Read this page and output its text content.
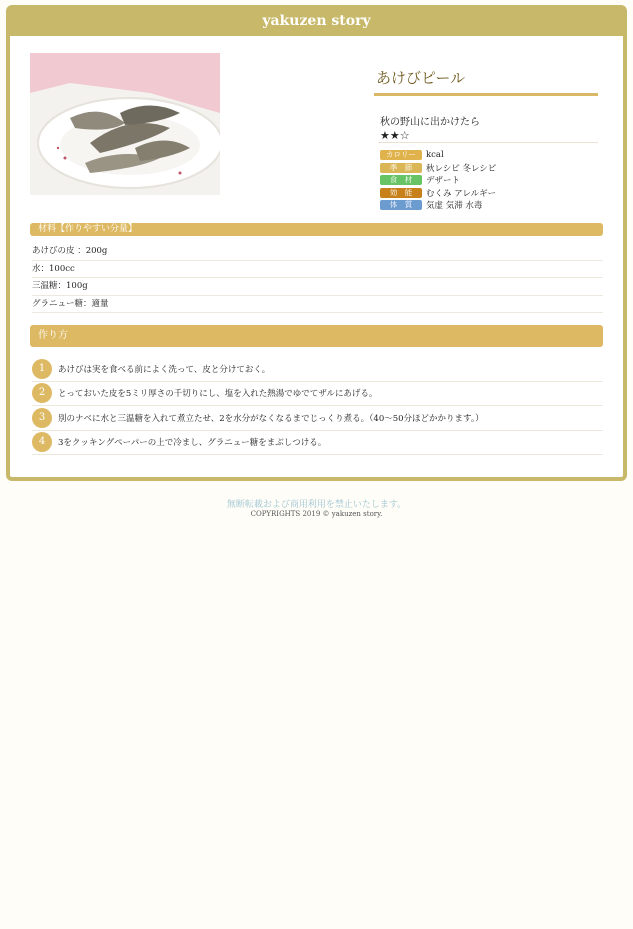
yakuzen story
あけびピール
秋の野山に出かけたら
★★☆
カロリー	kcal
季　節	秋レシピ 冬レシピ
食　材	デザート
効　能	むくみ アレルギー
体　質	気虚 気滞 水毒
材料【作りやすい分量】
あけびの皮 ：200g
水：100cc
三温糖：100g
グラニュー糖：適量
作り方
1	あけびは実を食べる前によく洗って、皮と分けておく。
2	とっておいた皮を5ミリ厚さの千切りにし、塩を入れた熱湯でゆでてザルにあげる。
3	別のナベに水と三温糖を入れて煮立たせ、2を水分がなくなるまでじっくり煮る。（40〜50分ほどかかります。）
4	3をクッキングペーパーの上で冷まし、グラニュー糖をまぶしつける。
無断転載および商用利用を禁止いたします。
COPYRIGHTS 2019 © yakuzen story.
